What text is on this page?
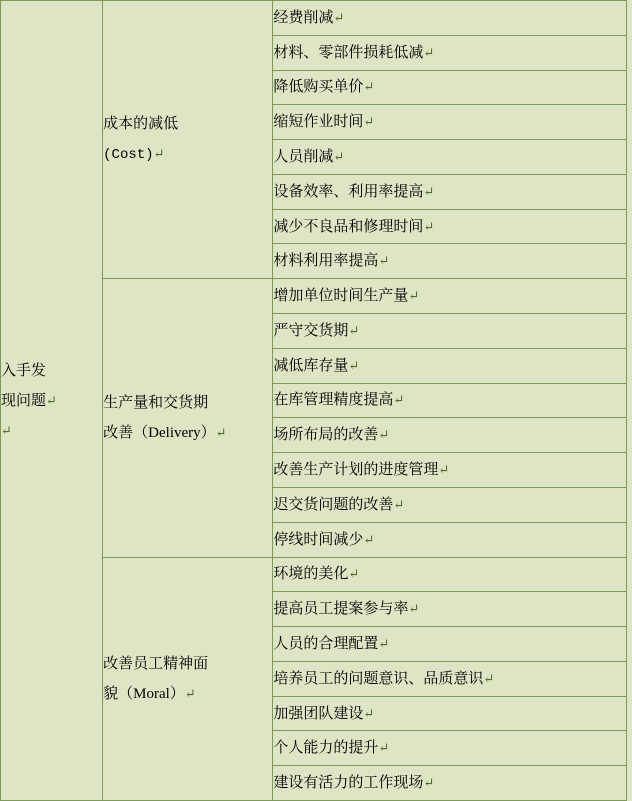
入手发
现问题↵
↵	成本的减低
(Cost)↵	经费削减↵
		材料、零部件损耗低减↵
		降低购买单价↵
		缩短作业时间↵
		人员削减↵
		设备效率、利用率提高↵
		减少不良品和修理时间↵
		材料利用率提高↵

	生产量和交货期
改善（Delivery）↵	增加单位时间生产量↵
		严守交货期↵
		减低库存量↵
		在库管理精度提高↵
		场所布局的改善↵
		改善生产计划的进度管理↵
		迟交货问题的改善↵
		停线时间减少↵

	改善员工精神面
貌（Moral）↵	环境的美化↵
		提高员工提案参与率↵
		人员的合理配置↵
		培养员工的问题意识、品质意识↵
		加强团队建设↵
		个人能力的提升↵
		建设有活力的工作现场↵
